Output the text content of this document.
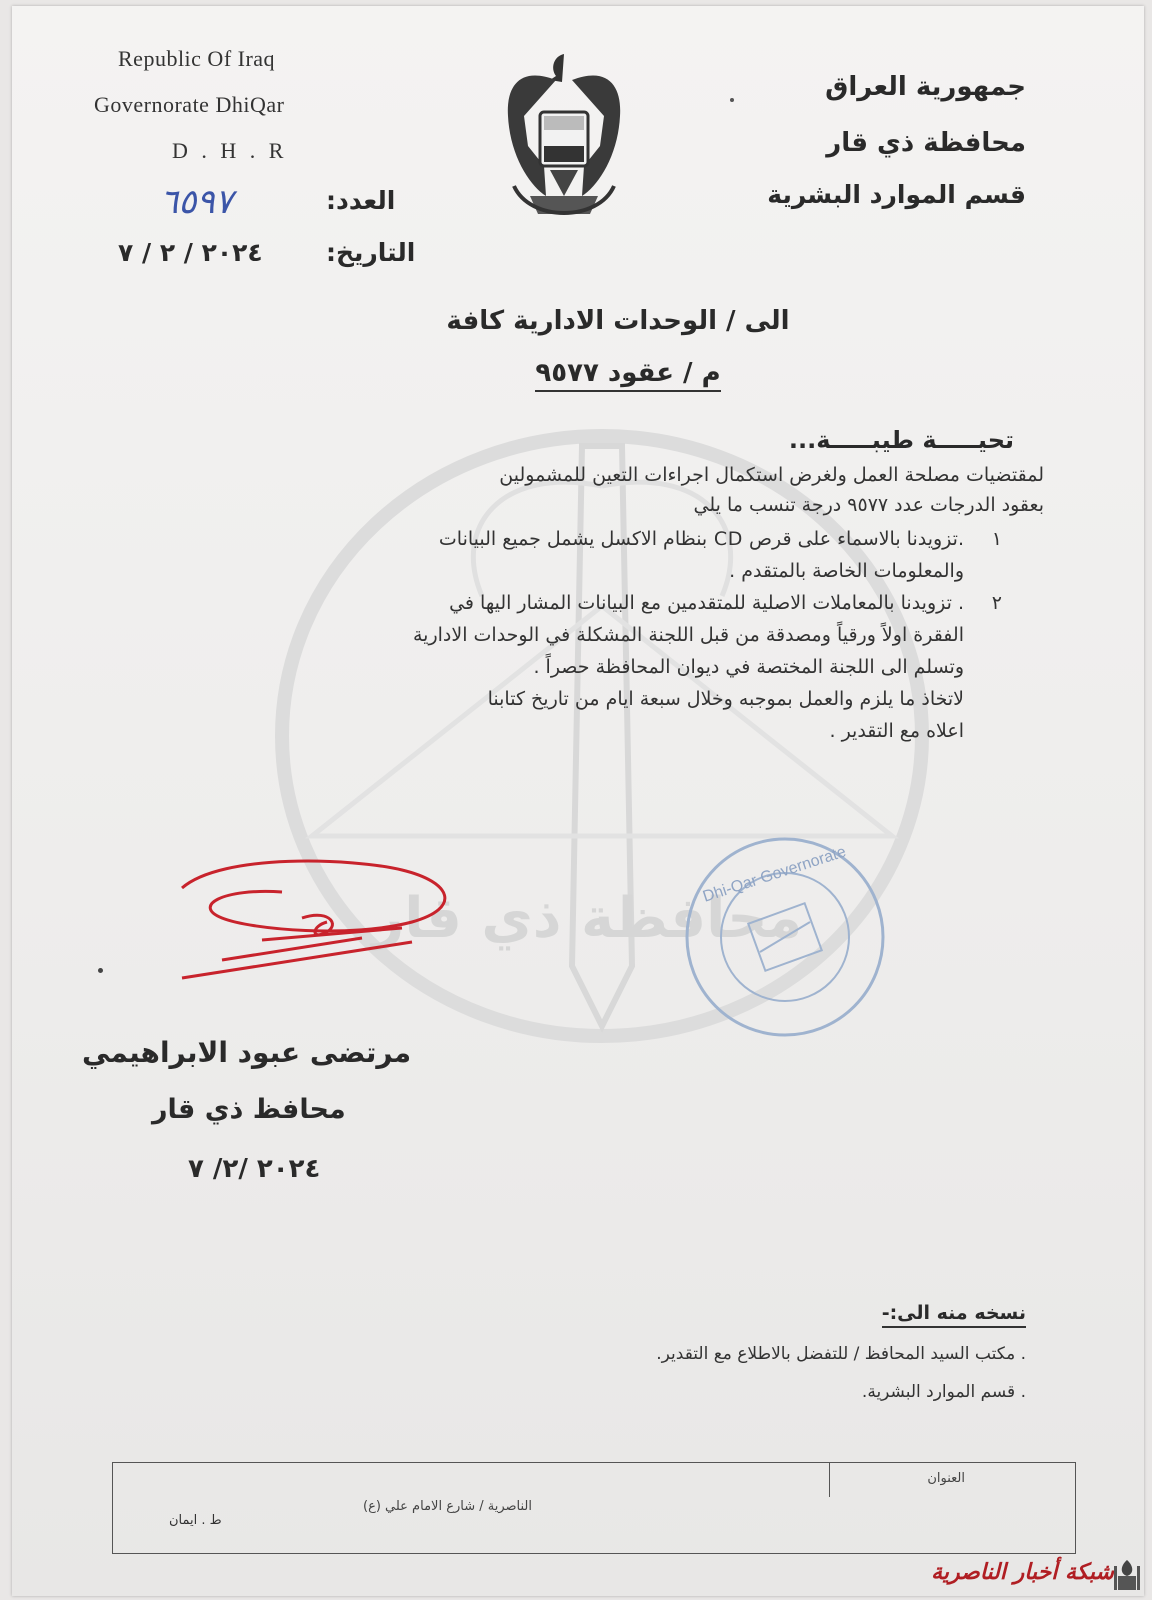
محافظة ذي قار
Republic Of Iraq
Governorate DhiQar
D . H . R
جمهورية العراق
محافظة ذي قار
قسم الموارد البشرية
العدد:
٦٥٩٧
التاريخ:
٢٠٢٤ / ٢ / ٧
الى / الوحدات الادارية كافة
م / عقود ٩٥٧٧
تحيـــــة طيبـــــة...
لمقتضيات مصلحة العمل ولغرض استكمال اجراءات التعين للمشمولين
بعقود الدرجات عدد ٩٥٧٧ درجة تنسب ما يلي
١
.تزويدنا بالاسماء على قرص CD بنظام الاكسل يشمل جميع البيانات
والمعلومات الخاصة بالمتقدم .
٢
. تزويدنا بالمعاملات الاصلية للمتقدمين مع البيانات المشار اليها في
الفقرة اولاً ورقياً ومصدقة من قبل اللجنة المشكلة في الوحدات الادارية
وتسلم الى اللجنة المختصة في ديوان المحافظة حصراً .
لاتخاذ ما يلزم والعمل بموجبه وخلال سبعة ايام من تاريخ كتابنا
اعلاه مع التقدير .
Dhi-Qar Governorate
مرتضى عبود الابراهيمي
محافظ ذي قار
٢٠٢٤ /٢/ ٧
نسخه منه الى:-
. مكتب السيد المحافظ / للتفضل بالاطلاع مع التقدير.
. قسم الموارد البشرية.
العنوان
الناصرية / شارع الامام علي (ع)
ط . ايمان
شبكة أخبار الناصرية
